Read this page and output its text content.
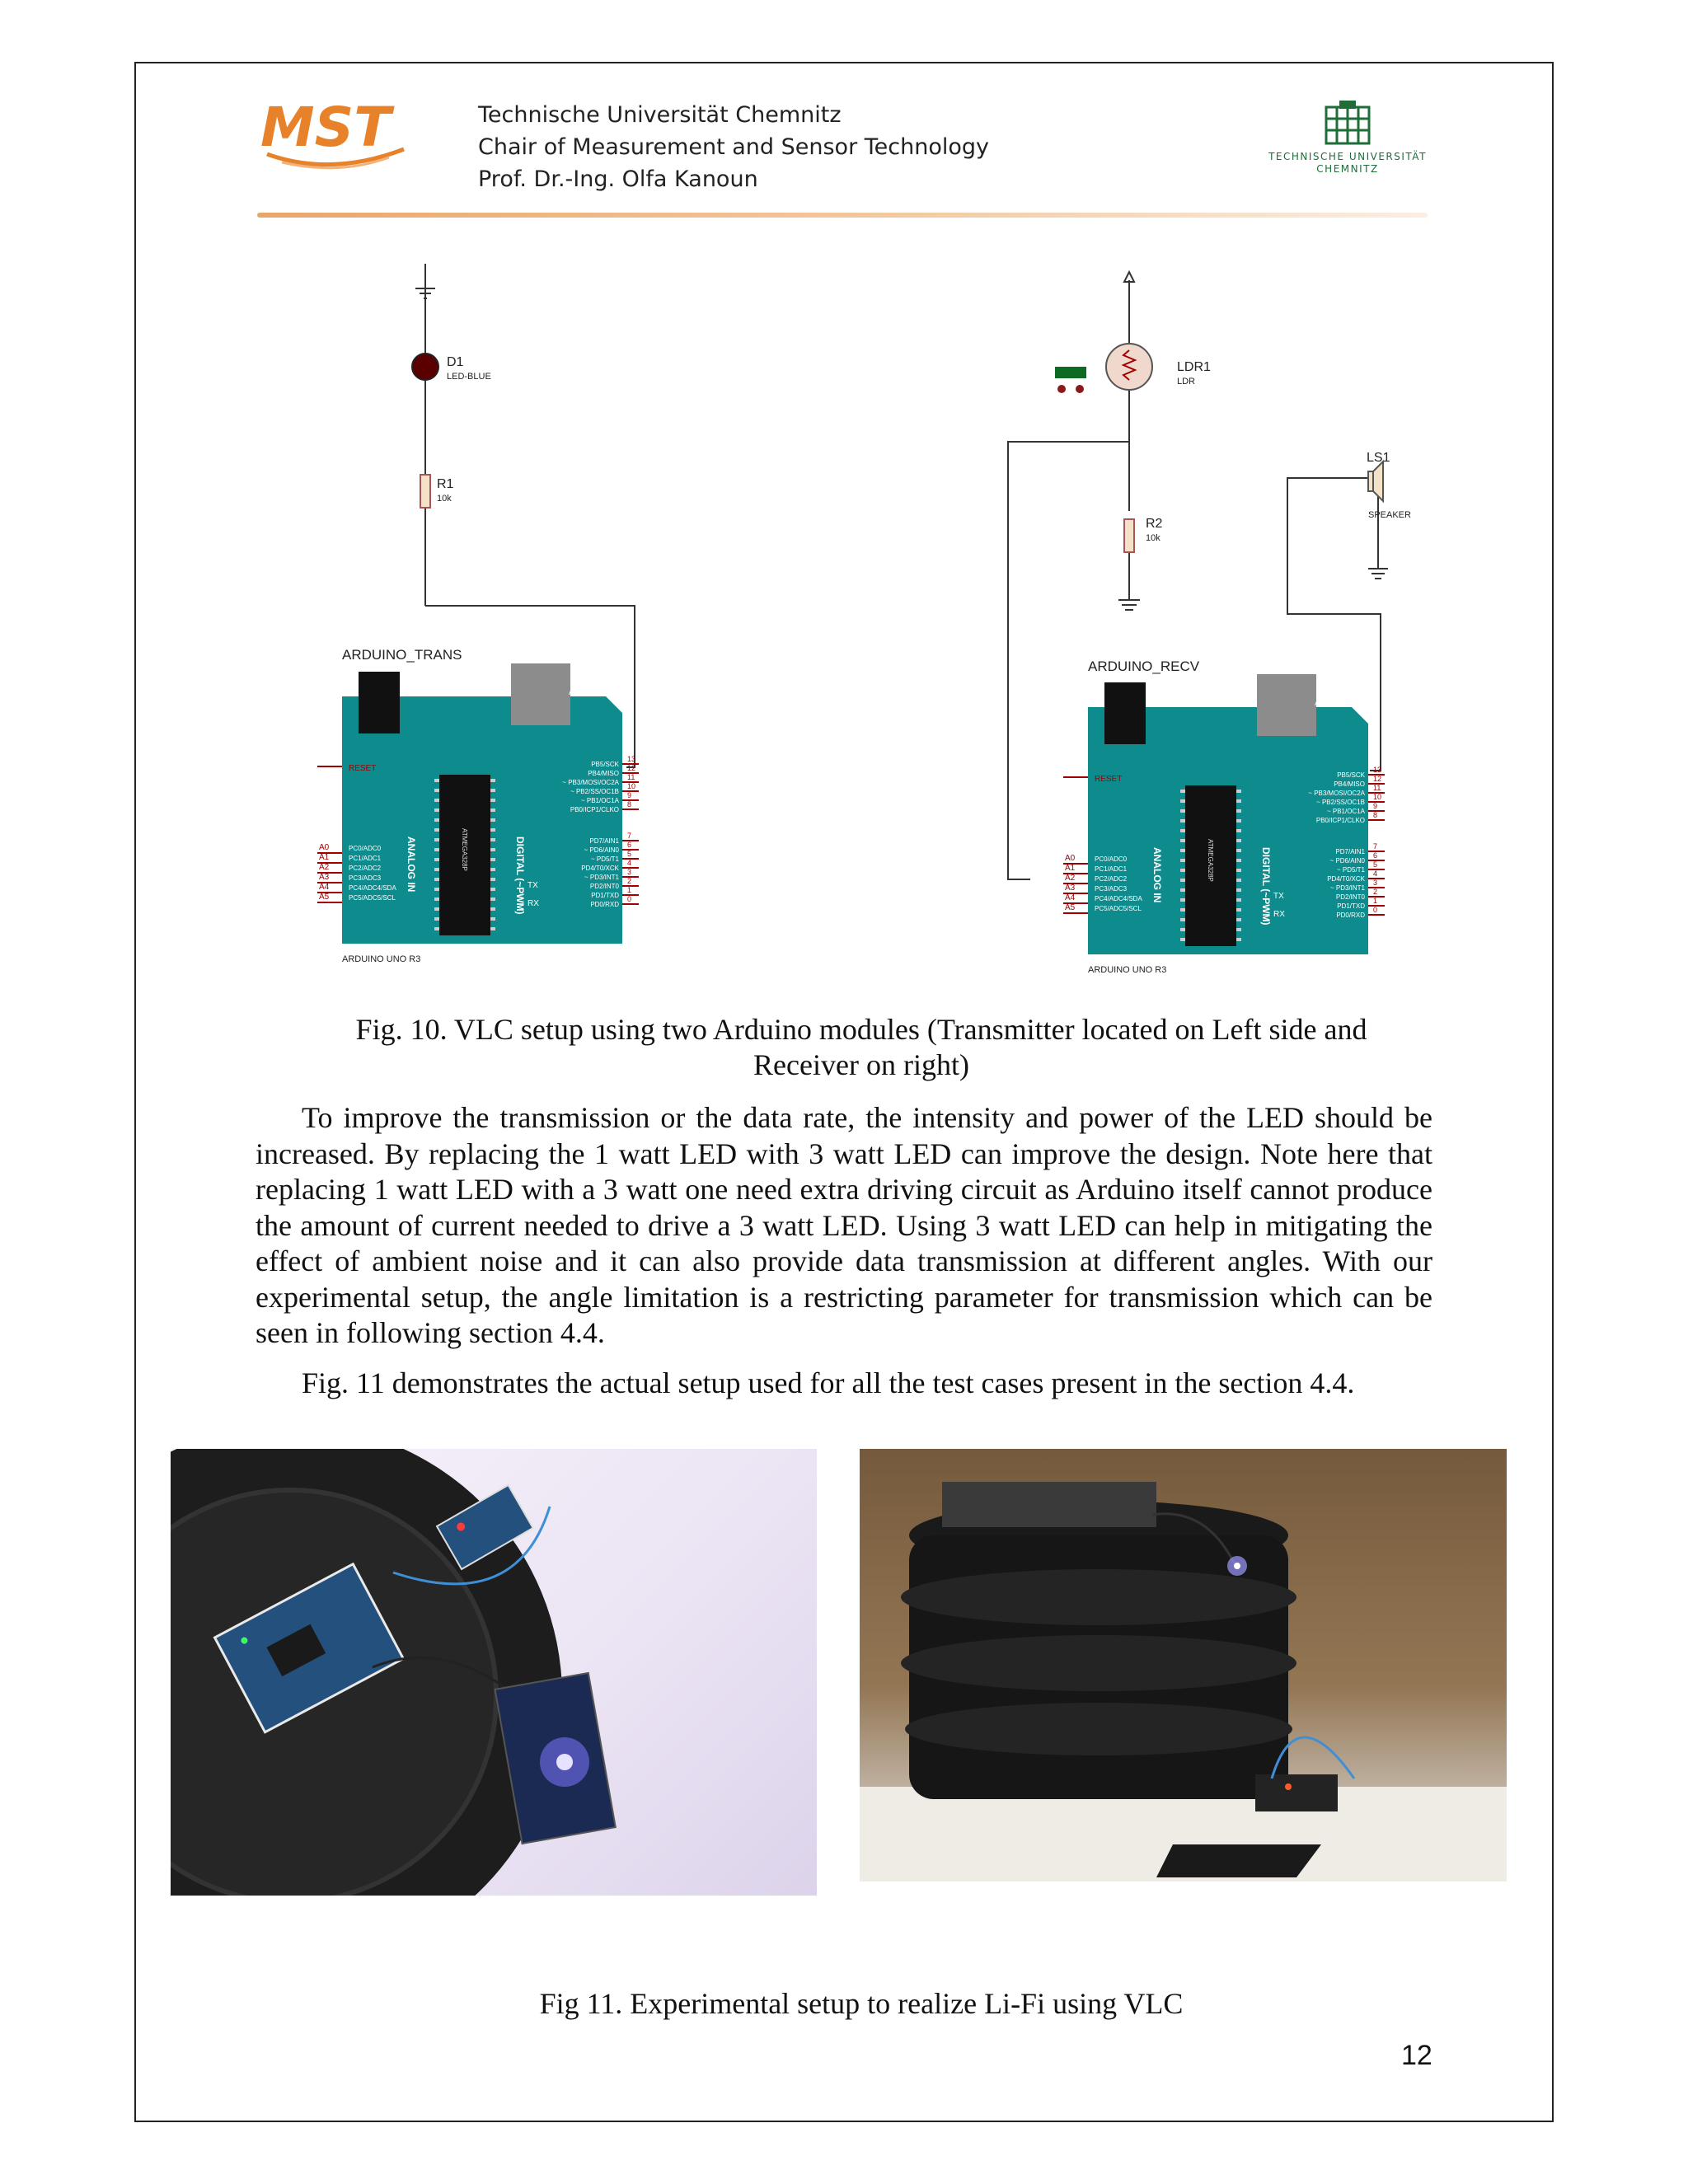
MST	Technische Universität Chemnitz
Chair of Measurement and Sensor Technology
Prof. Dr.-Ing. Olfa Kanoun
TECHNISCHE UNIVERSITÄT
CHEMNITZ
D1
LED-BLUE
R1
10k
ARDUINO_TRANS
AREF
RESET
ANALOG IN	DIGITAL (~PWM)
ATMEGA328P
TX
RX
A0
A1
A2
A3
A4
A5
PC0/ADC0
PC1/ADC1
PC2/ADC2
PC3/ADC3
PC4/ADC4/SDA
PC5/ADC5/SCL
PB5/SCK
PB4/MISO
~ PB3/MOSI/OC2A
~ PB2/SS/OC1B
~ PB1/OC1A
PB0/ICP1/CLKO
PD7/AIN1
~ PD6/AIN0
~ PD5/T1
PD4/T0/XCK
~ PD3/INT1
PD2/INT0
PD1/TXD
PD0/RXD
13
12
11
10
9
8
7
6
5
4
3
2
1
0
ARDUINO UNO R3
LDR1
LDR
R2
10k
LS1
SPEAKER
ARDUINO_RECV
AREF
RESET
ANALOG IN	DIGITAL (~PWM)
ATMEGA328P
TX
RX
A0
A1
A2
A3
A4
A5
PC0/ADC0
PC1/ADC1
PC2/ADC2
PC3/ADC3
PC4/ADC4/SDA
PC5/ADC5/SCL
PB5/SCK
PB4/MISO
~ PB3/MOSI/OC2A
~ PB2/SS/OC1B
~ PB1/OC1A
PB0/ICP1/CLKO
PD7/AIN1
~ PD6/AIN0
~ PD5/T1
PD4/T0/XCK
~ PD3/INT1
PD2/INT0
PD1/TXD
PD0/RXD
13
12
11
10
9
8
7
6
5
4
3
2
1
0
ARDUINO UNO R3
Fig. 10. VLC setup using two Arduino modules (Transmitter located on Left side and Receiver on right)
To improve the transmission or the data rate, the intensity and power of the LED should be increased. By replacing the 1 watt LED with 3 watt LED can improve the design. Note here that replacing 1 watt LED with a 3 watt one need extra driving circuit as Arduino itself cannot produce the amount of current needed to drive a 3 watt LED. Using 3 watt LED can help in mitigating the effect of ambient noise and it can also provide data transmission at different angles. With our experimental setup, the angle limitation is a restricting parameter for transmission which can be seen in following section 4.4.
Fig. 11 demonstrates the actual setup used for all the test cases present in the section 4.4.
Fig 11. Experimental setup to realize Li-Fi using VLC
12
